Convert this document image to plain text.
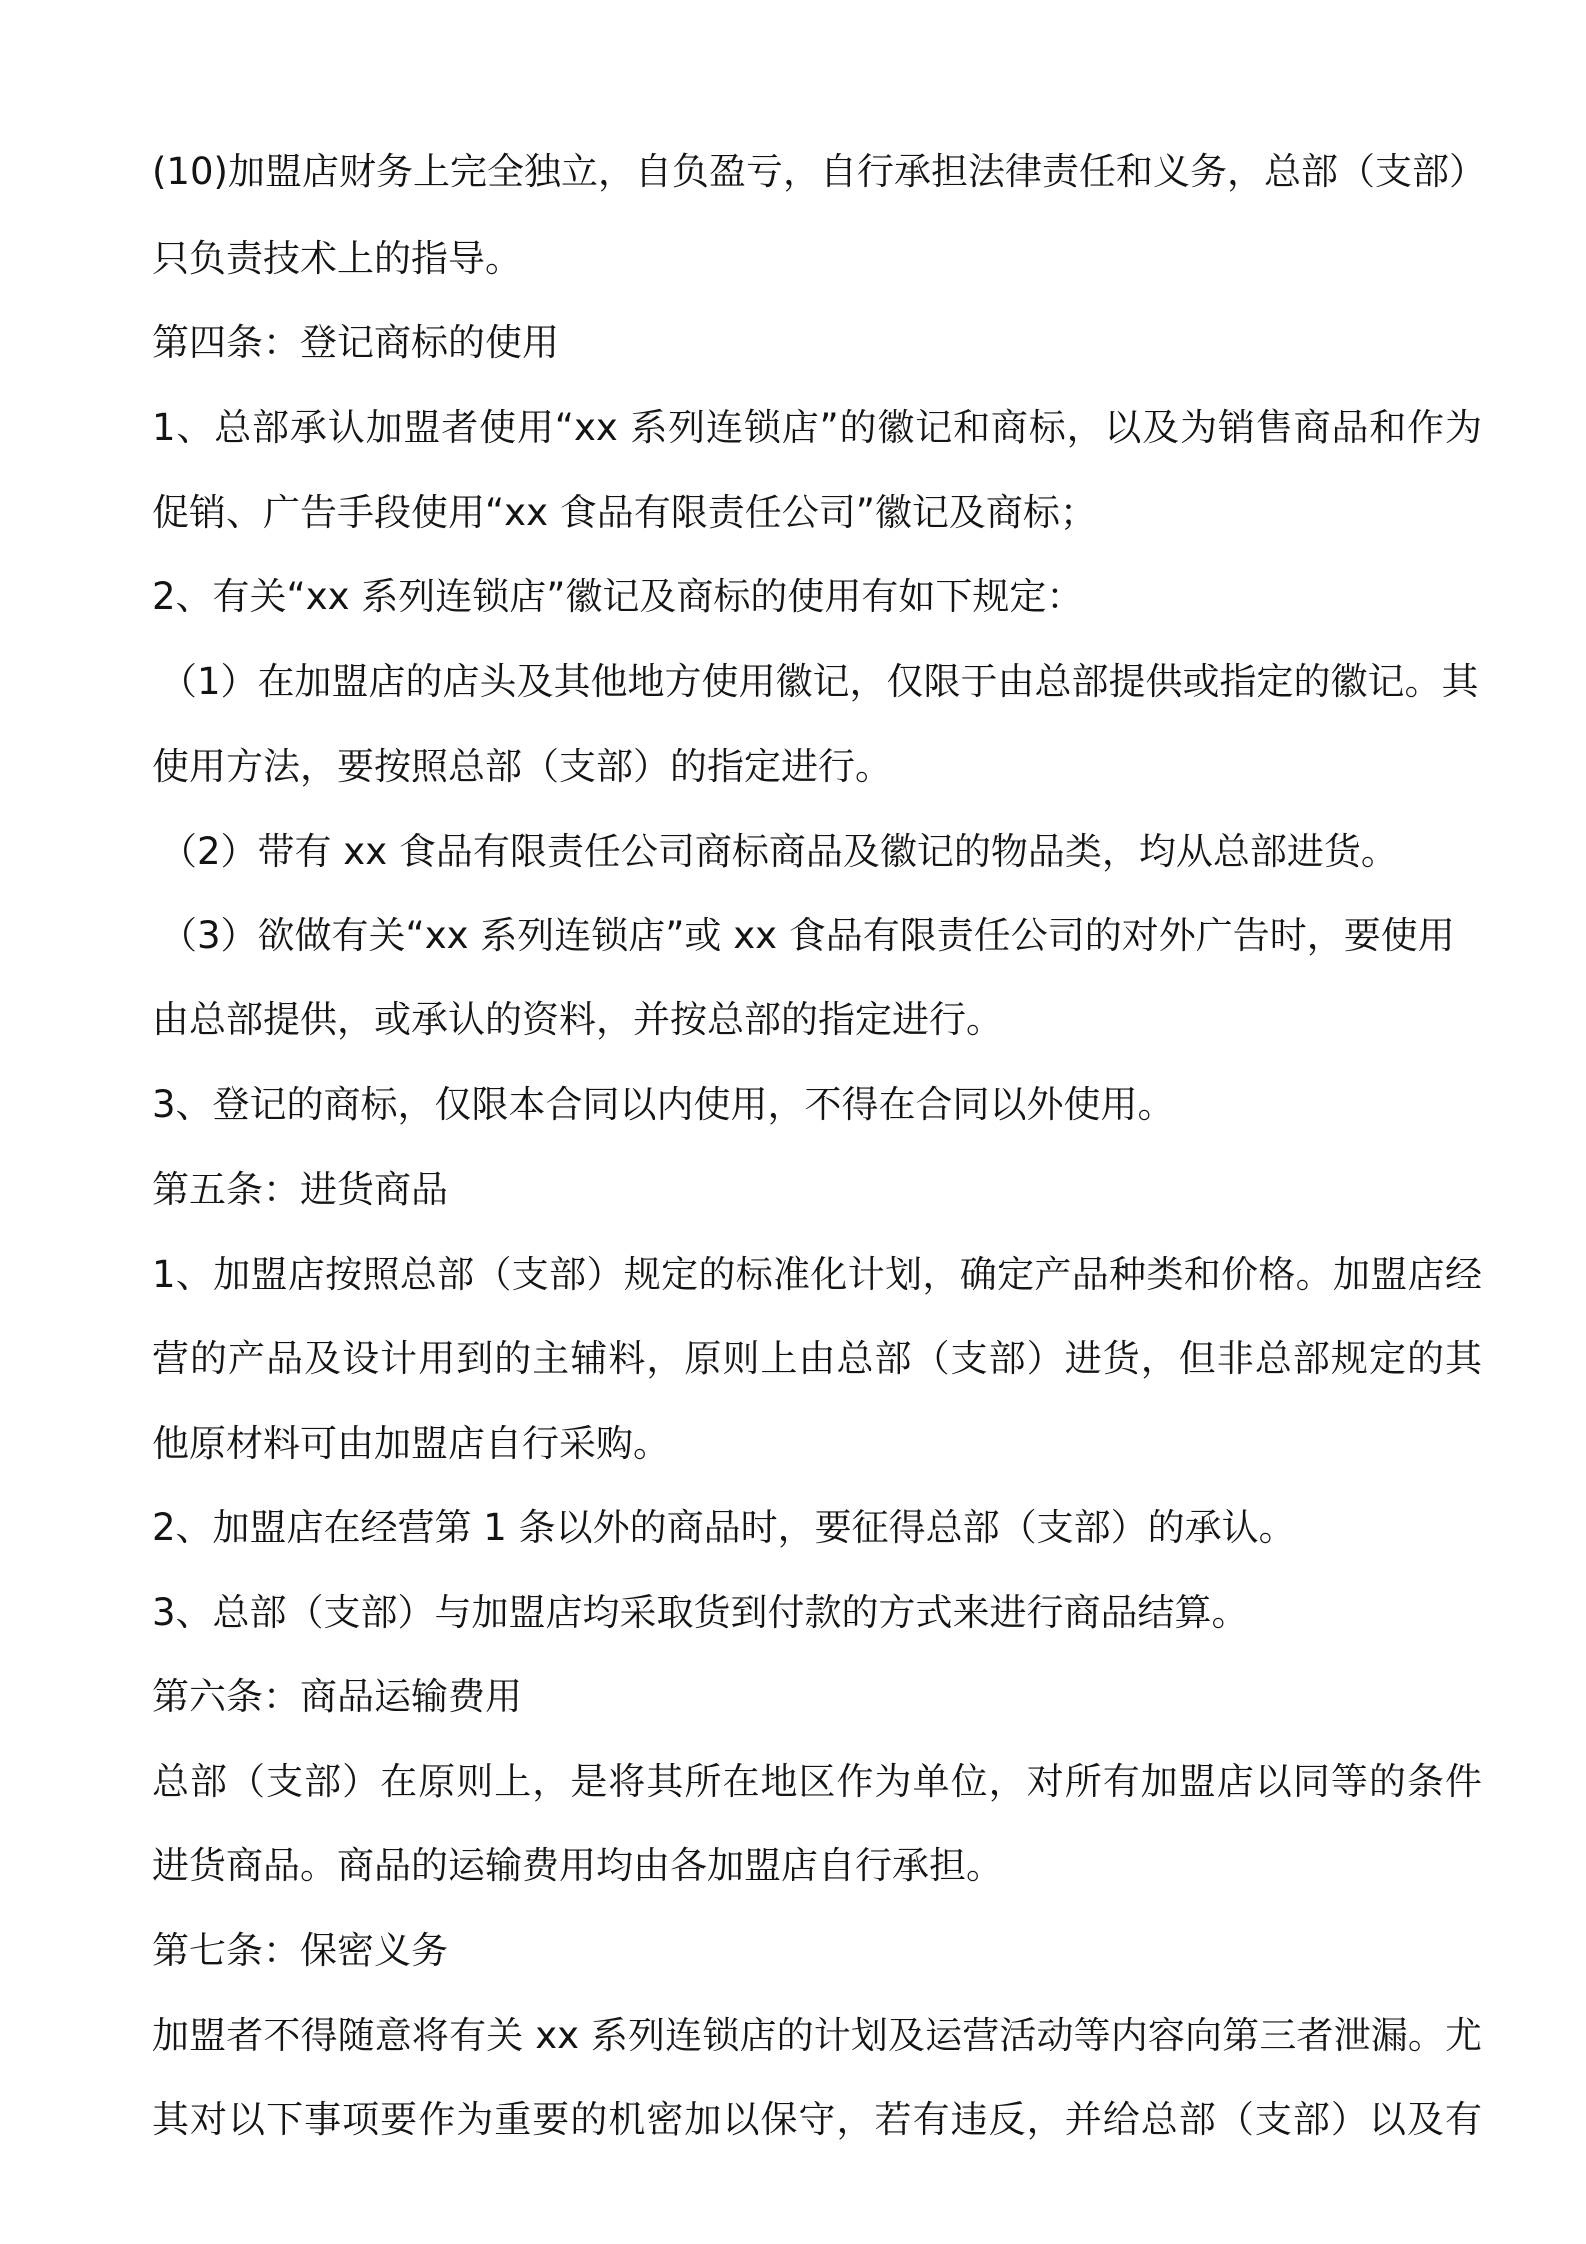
(10)加盟店财务上完全独立，自负盈亏，自行承担法律责任和义务，总部（支部）

只负责技术上的指导。

第四条：登记商标的使用

1、总部承认加盟者使用“xx 系列连锁店”的徽记和商标，以及为销售商品和作为

促销、广告手段使用“xx 食品有限责任公司”徽记及商标；

2、有关“xx 系列连锁店”徽记及商标的使用有如下规定：

（1）在加盟店的店头及其他地方使用徽记，仅限于由总部提供或指定的徽记。其

使用方法，要按照总部（支部）的指定进行。

（2）带有 xx 食品有限责任公司商标商品及徽记的物品类，均从总部进货。

（3）欲做有关“xx 系列连锁店”或 xx 食品有限责任公司的对外广告时，要使用

由总部提供，或承认的资料，并按总部的指定进行。

3、登记的商标，仅限本合同以内使用，不得在合同以外使用。

第五条：进货商品

1、加盟店按照总部（支部）规定的标准化计划，确定产品种类和价格。加盟店经

营的产品及设计用到的主辅料，原则上由总部（支部）进货，但非总部规定的其

他原材料可由加盟店自行采购。

2、加盟店在经营第 1 条以外的商品时，要征得总部（支部）的承认。

3、总部（支部）与加盟店均采取货到付款的方式来进行商品结算。

第六条：商品运输费用

总部（支部）在原则上，是将其所在地区作为单位，对所有加盟店以同等的条件

进货商品。商品的运输费用均由各加盟店自行承担。

第七条：保密义务

加盟者不得随意将有关 xx 系列连锁店的计划及运营活动等内容向第三者泄漏。尤

其对以下事项要作为重要的机密加以保守，若有违反，并给总部（支部）以及有
